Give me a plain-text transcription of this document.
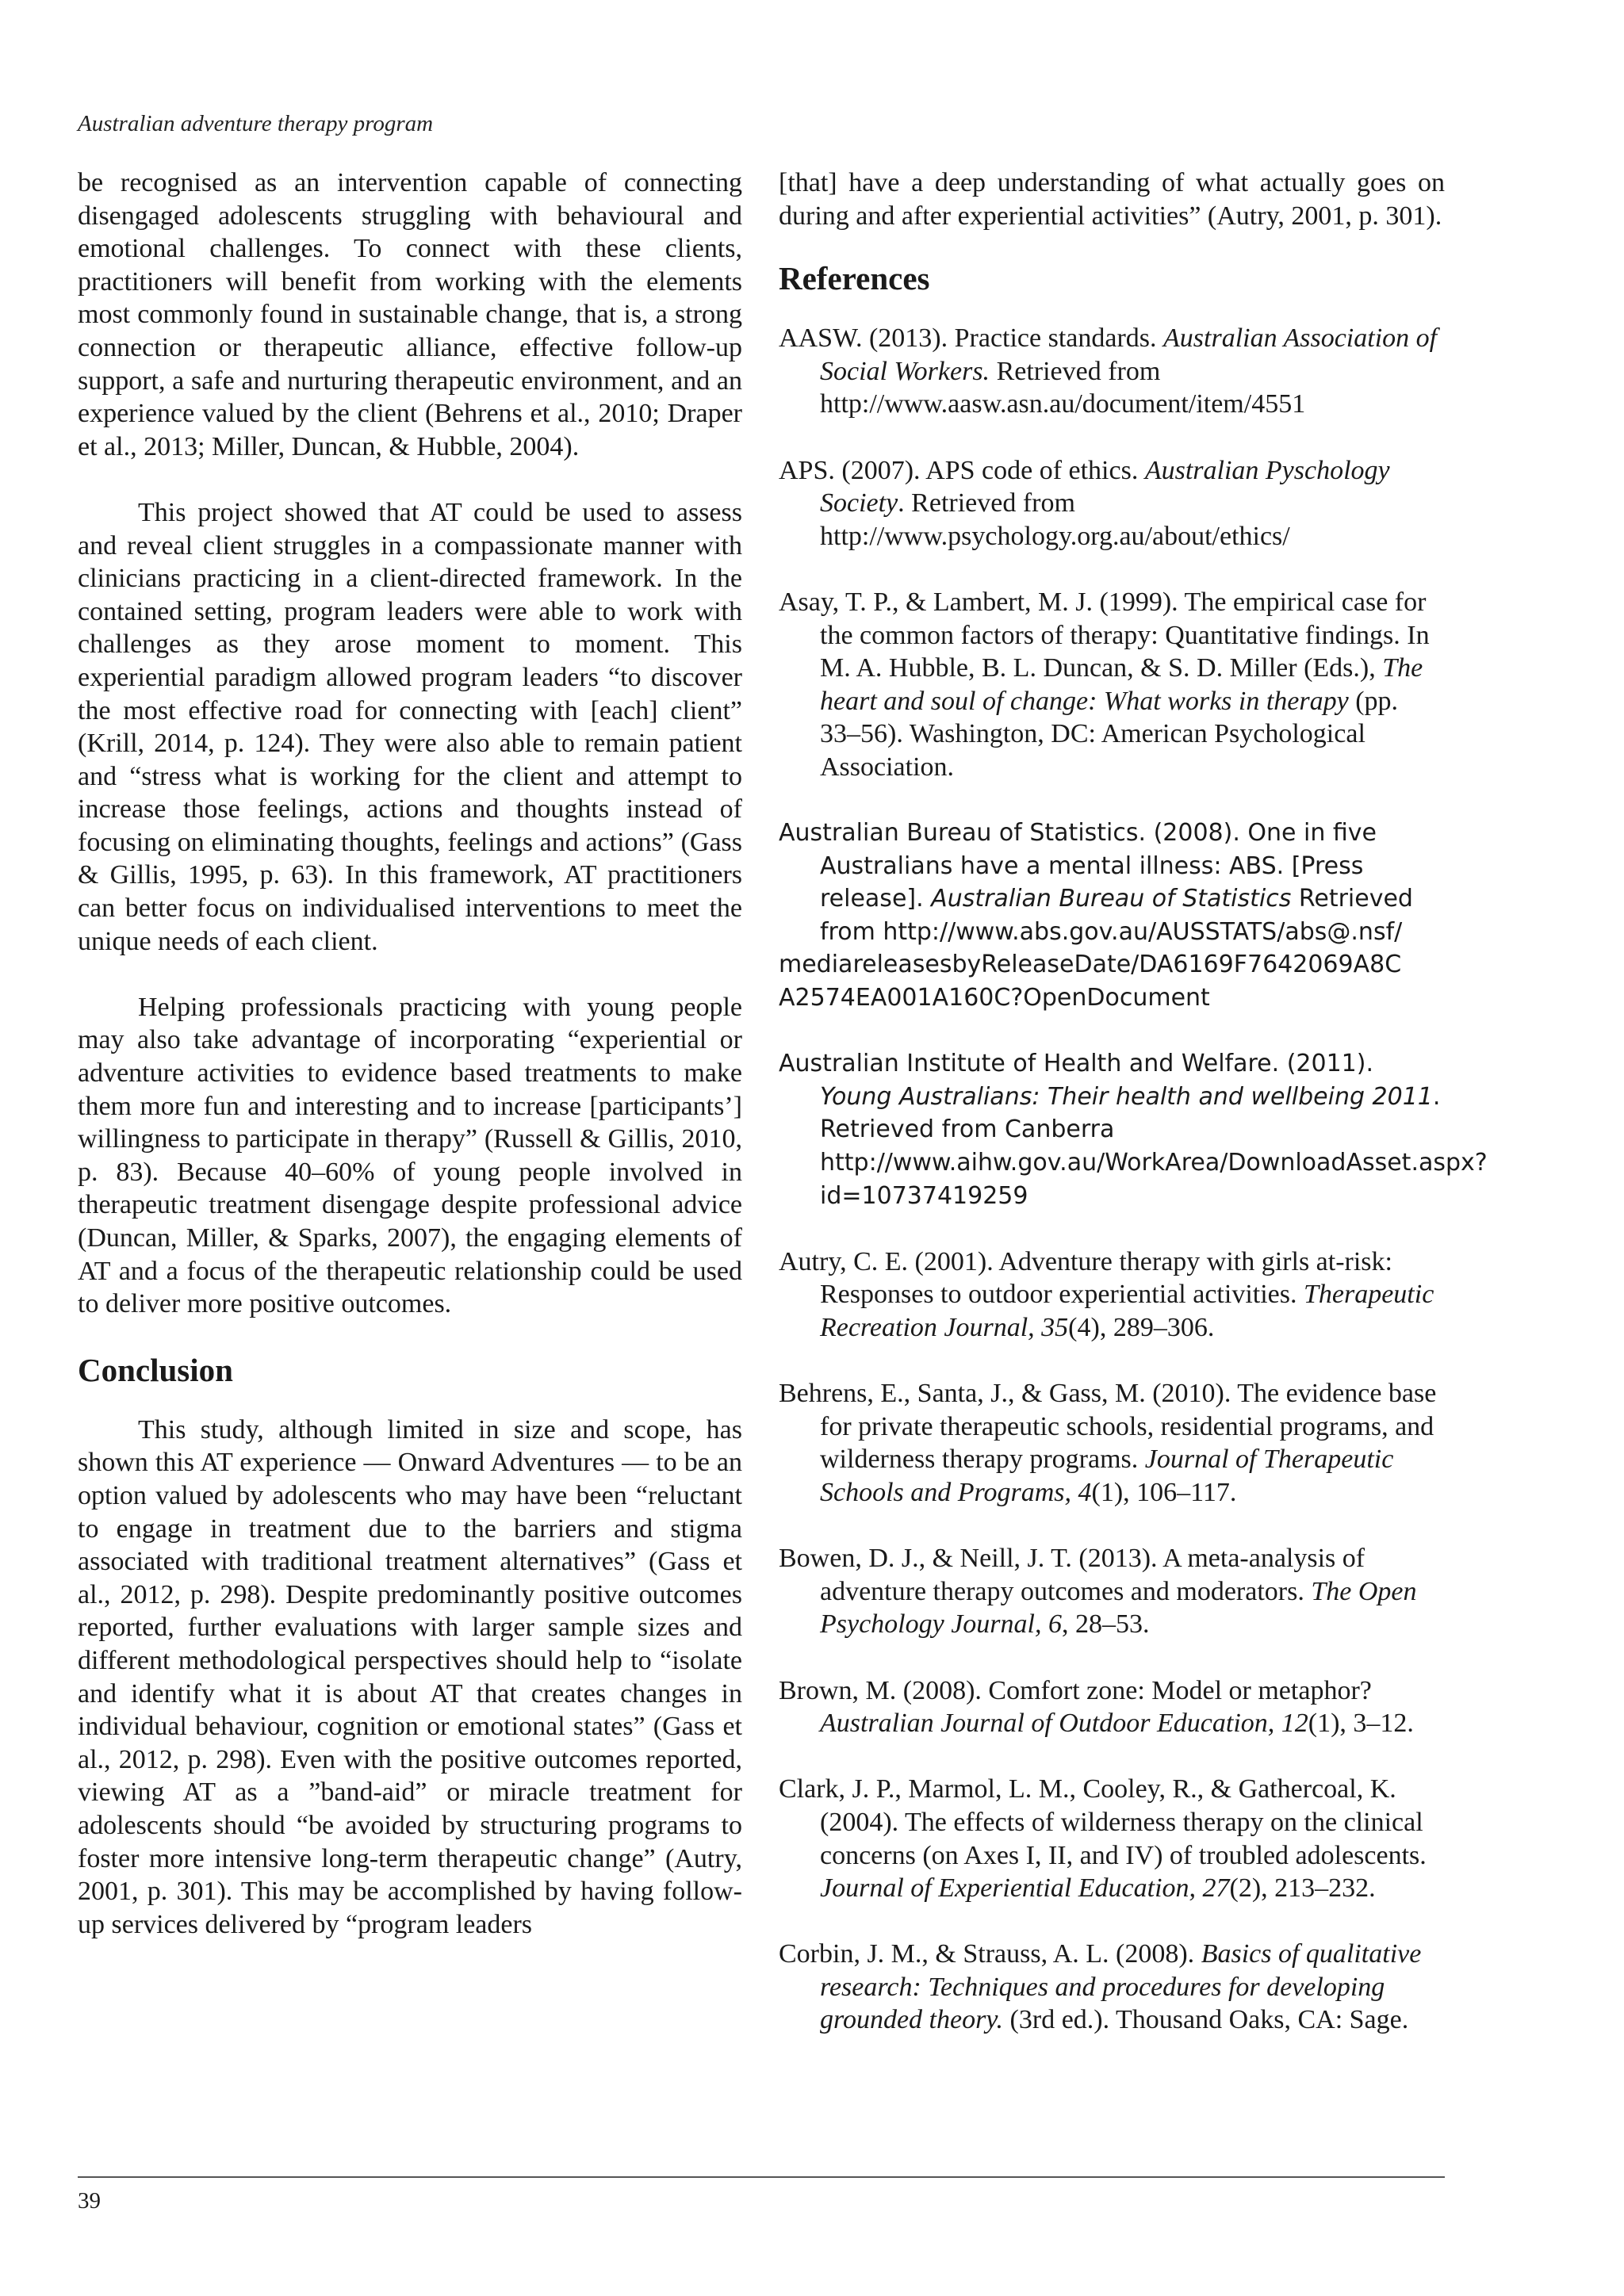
Australian adventure therapy program

be recognised as an intervention capable of connecting disengaged adolescents struggling with behavioural and emotional challenges. To connect with these clients, practitioners will benefit from working with the elements most commonly found in sustainable change, that is, a strong connection or therapeutic alliance, effective follow-up support, a safe and nurturing therapeutic environment, and an experience valued by the client (Behrens et al., 2010; Draper et al., 2013; Miller, Duncan, & Hubble, 2004).

This project showed that AT could be used to assess and reveal client struggles in a compassionate manner with clinicians practicing in a client-directed framework. In the contained setting, program leaders were able to work with challenges as they arose moment to moment. This experiential paradigm allowed program leaders “to discover the most effective road for connecting with [each] client” (Krill, 2014, p. 124). They were also able to remain patient and “stress what is working for the client and attempt to increase those feelings, actions and thoughts instead of focusing on eliminating thoughts, feelings and actions” (Gass & Gillis, 1995, p. 63). In this framework, AT practitioners can better focus on individualised interventions to meet the unique needs of each client.

Helping professionals practicing with young people may also take advantage of incorporating “experiential or adventure activities to evidence based treatments to make them more fun and interesting and to increase [participants’] willingness to participate in therapy” (Russell & Gillis, 2010, p. 83). Because 40–60% of young people involved in therapeutic treatment disengage despite professional advice (Duncan, Miller, & Sparks, 2007), the engaging elements of AT and a focus of the therapeutic relationship could be used to deliver more positive outcomes.

Conclusion

This study, although limited in size and scope, has shown this AT experience — Onward Adventures — to be an option valued by adolescents who may have been “reluctant to engage in treatment due to the barriers and stigma associated with traditional treatment alternatives” (Gass et al., 2012, p. 298). Despite predominantly positive outcomes reported, further evaluations with larger sample sizes and different methodological perspectives should help to “isolate and identify what it is about AT that creates changes in individual behaviour, cognition or emotional states” (Gass et al., 2012, p. 298). Even with the positive outcomes reported, viewing AT as a ”band-aid” or miracle treatment for adolescents should “be avoided by structuring programs to foster more intensive long-term therapeutic change” (Autry, 2001, p. 301). This may be accomplished by having follow-up services delivered by “program leaders

[that] have a deep understanding of what actually goes on during and after experiential activities” (Autry, 2001, p. 301).

References

AASW. (2013). Practice standards. Australian Association of Social Workers. Retrieved from http://www.aasw.asn.au/document/item/4551

APS. (2007). APS code of ethics. Australian Pyschology Society. Retrieved from http://www.psychology.org.au/about/ethics/

Asay, T. P., & Lambert, M. J. (1999). The empirical case for the common factors of therapy: Quantitative findings. In M. A. Hubble, B. L. Duncan, & S. D. Miller (Eds.), The heart and soul of change: What works in therapy (pp. 33–56). Washington, DC: American Psychological Association.

Australian Bureau of Statistics. (2008). One in five Australians have a mental illness: ABS. [Press release]. Australian Bureau of Statistics Retrieved from http://www.abs.gov.au/AUSSTATS/abs@.nsf/
mediareleasesbyReleaseDate/DA6169F7642069A8C
A2574EA001A160C?OpenDocument

Australian Institute of Health and Welfare. (2011). Young Australians: Their health and wellbeing 2011. Retrieved from Canberra http://www.aihw.gov.au/WorkArea/DownloadAsset.aspx?id=10737419259

Autry, C. E. (2001). Adventure therapy with girls at-risk: Responses to outdoor experiential activities. Therapeutic Recreation Journal, 35(4), 289–306.

Behrens, E., Santa, J., & Gass, M. (2010). The evidence base for private therapeutic schools, residential programs, and wilderness therapy programs. Journal of Therapeutic Schools and Programs, 4(1), 106–117.

Bowen, D. J., & Neill, J. T. (2013). A meta-analysis of adventure therapy outcomes and moderators. The Open Psychology Journal, 6, 28–53.

Brown, M. (2008). Comfort zone: Model or metaphor? Australian Journal of Outdoor Education, 12(1), 3–12.

Clark, J. P., Marmol, L. M., Cooley, R., & Gathercoal, K. (2004). The effects of wilderness therapy on the clinical concerns (on Axes I, II, and IV) of troubled adolescents. Journal of Experiential Education, 27(2), 213–232.

Corbin, J. M., & Strauss, A. L. (2008). Basics of qualitative research: Techniques and procedures for developing grounded theory. (3rd ed.). Thousand Oaks, CA: Sage.

39
